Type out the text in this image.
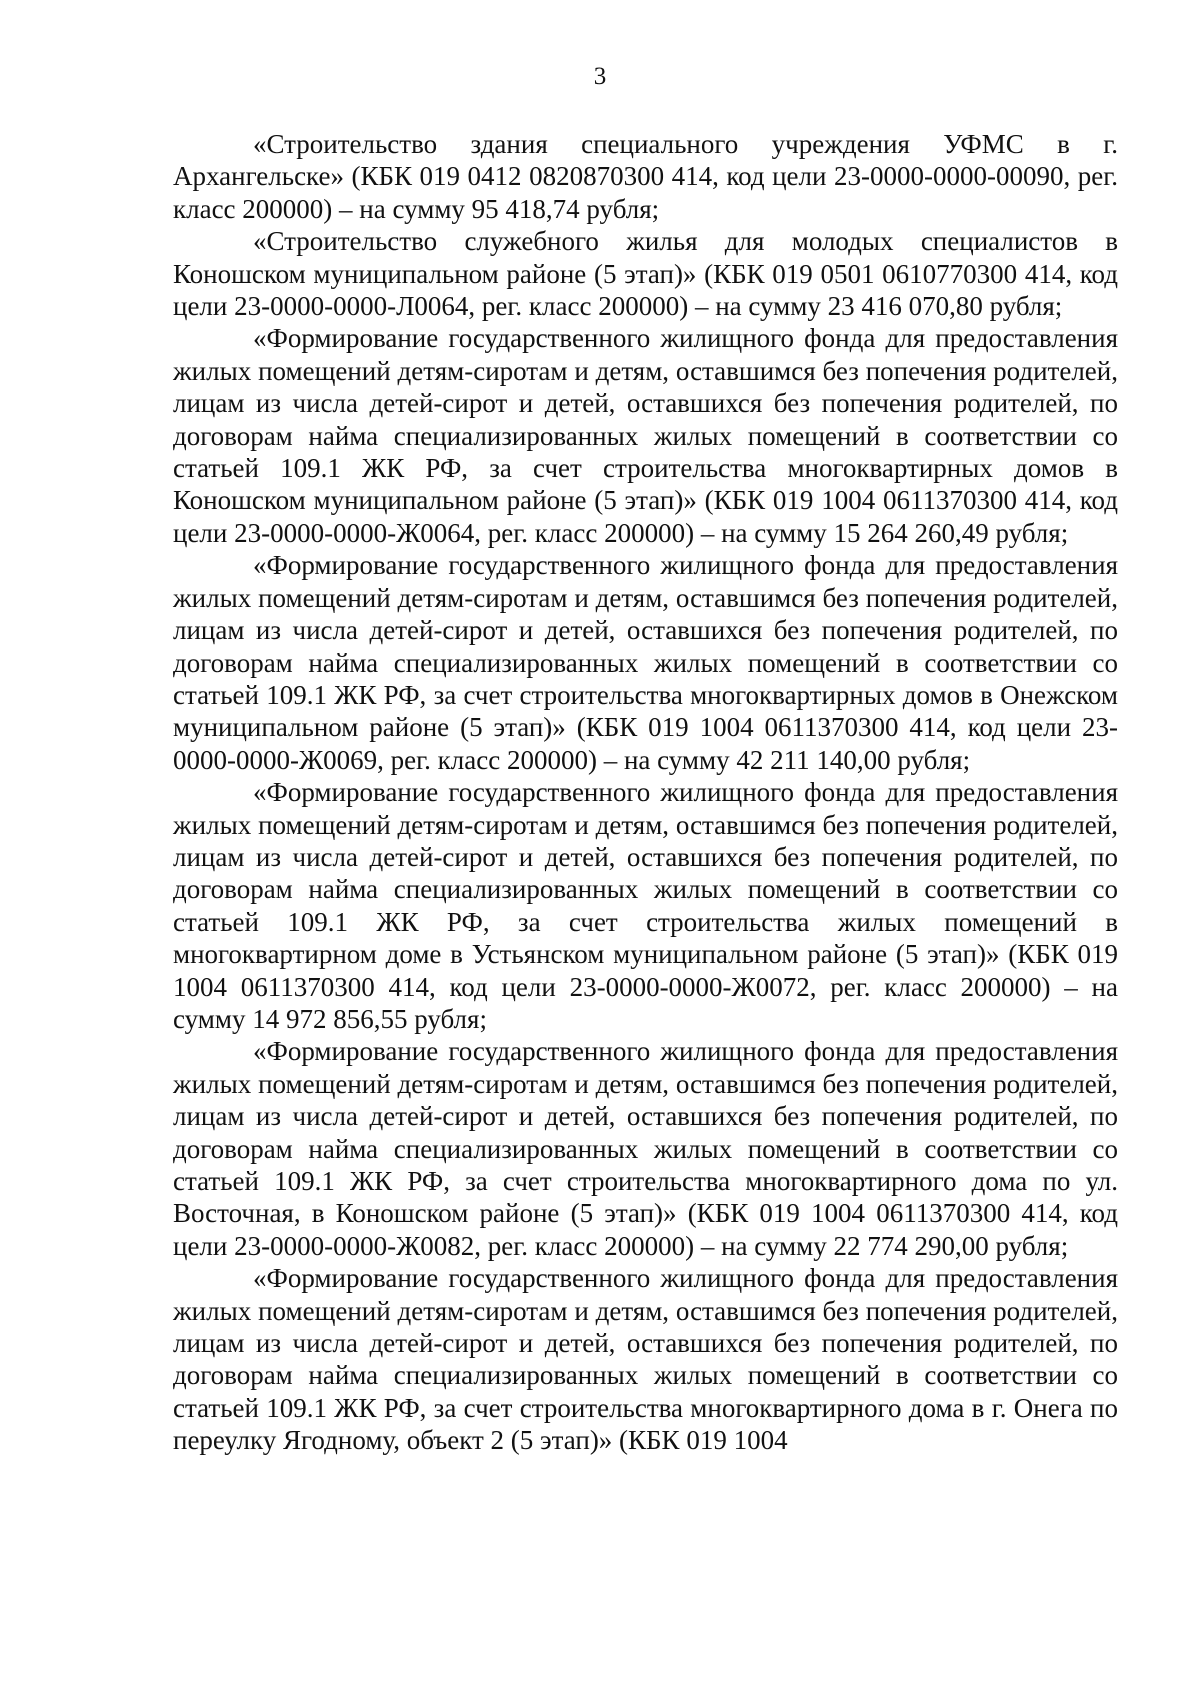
3

«Строительство здания специального учреждения УФМС в г. Архангельске» (КБК 019 0412 0820870300 414, код цели 23-0000-0000-00090, рег. класс 200000) – на сумму 95 418,74 рубля;

«Строительство служебного жилья для молодых специалистов в Коношском муниципальном районе (5 этап)» (КБК 019 0501 0610770300 414, код цели 23-0000-0000-Л0064, рег. класс 200000) – на сумму 23 416 070,80 рубля;

«Формирование государственного жилищного фонда для предоставления жилых помещений детям-сиротам и детям, оставшимся без попечения родителей, лицам из числа детей-сирот и детей, оставшихся без попечения родителей, по договорам найма специализированных жилых помещений в соответствии со статьей 109.1 ЖК РФ, за счет строительства многоквартирных домов в Коношском муниципальном районе (5 этап)» (КБК 019 1004 0611370300 414, код цели 23-0000-0000-Ж0064, рег. класс 200000) – на сумму 15 264 260,49 рубля;

«Формирование государственного жилищного фонда для предоставления жилых помещений детям-сиротам и детям, оставшимся без попечения родителей, лицам из числа детей-сирот и детей, оставшихся без попечения родителей, по договорам найма специализированных жилых помещений в соответствии со статьей 109.1 ЖК РФ, за счет строительства многоквартирных домов в Онежском муниципальном районе (5 этап)» (КБК 019 1004 0611370300 414, код цели 23-0000-0000-Ж0069, рег. класс 200000) – на сумму 42 211 140,00 рубля;

«Формирование государственного жилищного фонда для предоставления жилых помещений детям-сиротам и детям, оставшимся без попечения родителей, лицам из числа детей-сирот и детей, оставшихся без попечения родителей, по договорам найма специализированных жилых помещений в соответствии со статьей 109.1 ЖК РФ, за счет строительства жилых помещений в многоквартирном доме в Устьянском муниципальном районе (5 этап)» (КБК 019 1004 0611370300 414, код цели 23-0000-0000-Ж0072, рег. класс 200000) – на сумму 14 972 856,55 рубля;

«Формирование государственного жилищного фонда для предоставления жилых помещений детям-сиротам и детям, оставшимся без попечения родителей, лицам из числа детей-сирот и детей, оставшихся без попечения родителей, по договорам найма специализированных жилых помещений в соответствии со статьей 109.1 ЖК РФ, за счет строительства многоквартирного дома по ул. Восточная, в Коношском районе (5 этап)» (КБК 019 1004 0611370300 414, код цели 23-0000-0000-Ж0082, рег. класс 200000) – на сумму 22 774 290,00 рубля;

«Формирование государственного жилищного фонда для предоставления жилых помещений детям-сиротам и детям, оставшимся без попечения родителей, лицам из числа детей-сирот и детей, оставшихся без попечения родителей, по договорам найма специализированных жилых помещений в соответствии со статьей 109.1 ЖК РФ, за счет строительства многоквартирного дома в г. Онега по переулку Ягодному, объект 2 (5 этап)» (КБК 019 1004
